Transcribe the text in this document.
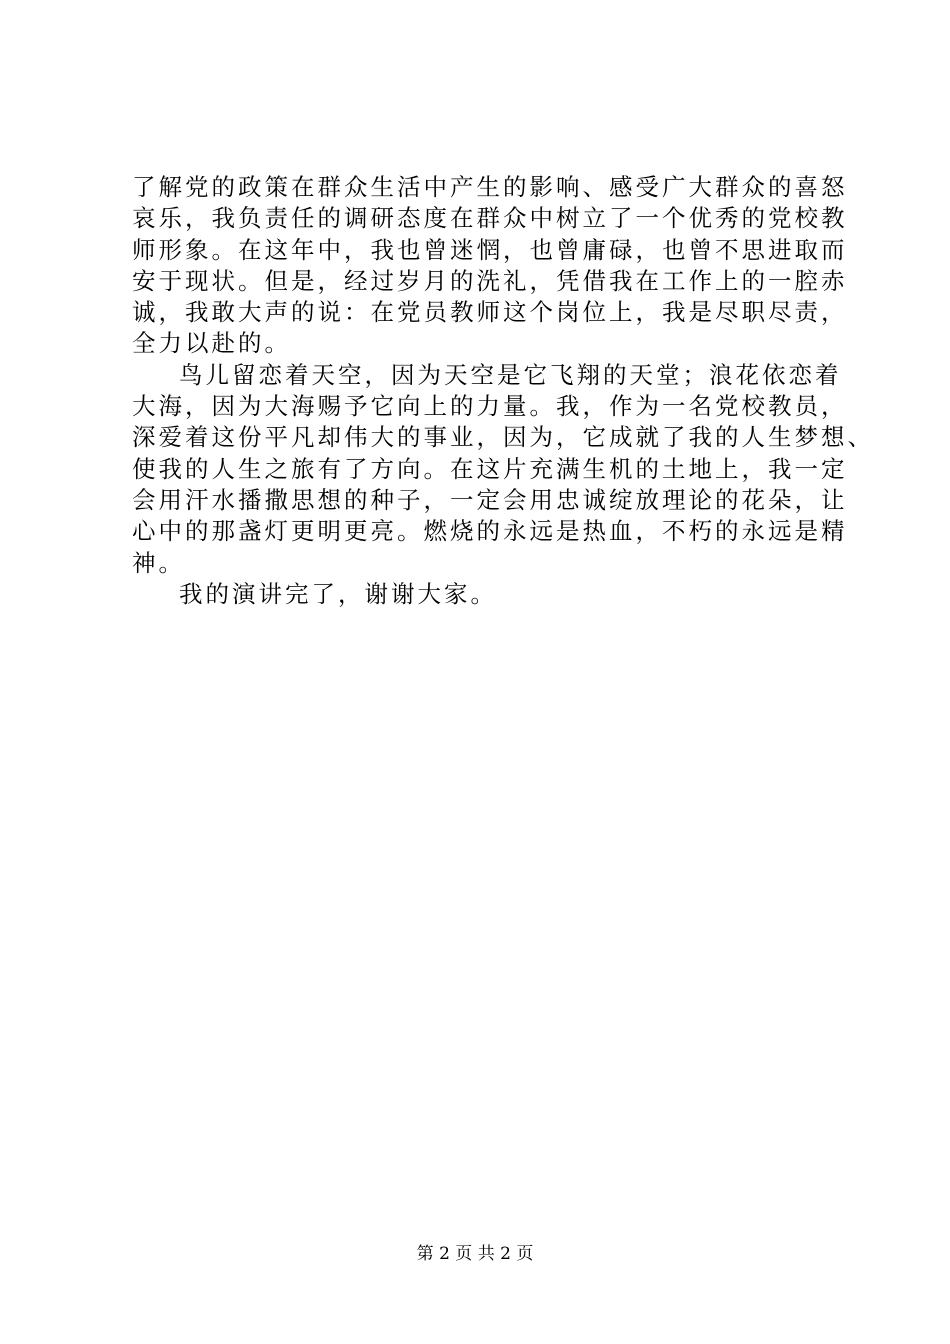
了解党的政策在群众生活中产生的影响、感受广大群众的喜怒
哀乐，我负责任的调研态度在群众中树立了一个优秀的党校教
师形象。在这年中，我也曾迷惘，也曾庸碌，也曾不思进取而
安于现状。但是，经过岁月的洗礼，凭借我在工作上的一腔赤
诚，我敢大声的说：在党员教师这个岗位上，我是尽职尽责，
全力以赴的。
鸟儿留恋着天空，因为天空是它飞翔的天堂；浪花依恋着
大海，因为大海赐予它向上的力量。我，作为一名党校教员，
深爱着这份平凡却伟大的事业，因为，它成就了我的人生梦想、
使我的人生之旅有了方向。在这片充满生机的土地上，我一定
会用汗水播撒思想的种子，一定会用忠诚绽放理论的花朵，让
心中的那盏灯更明更亮。燃烧的永远是热血，不朽的永远是精
神。
我的演讲完了，谢谢大家。
第 2 页 共 2 页
